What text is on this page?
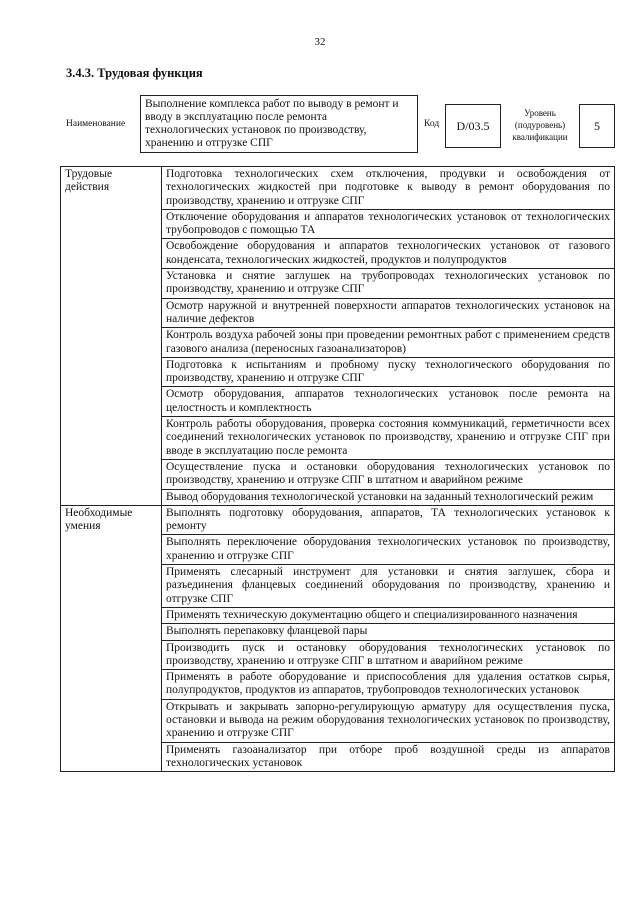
32
3.4.3. Трудовая функция
Наименование
Выполнение комплекса работ по выводу в ремонт и вводу в эксплуатацию после ремонта технологических установок по производству, хранению и отгрузке СПГ
Код	D/03.5
Уровень (подуровень) квалификации
5
Трудовые действия	Подготовка технологических схем отключения, продувки и освобождения от технологических жидкостей при подготовке к выводу в ремонт оборудования по производству, хранению и отгрузке СПГ
	Отключение оборудования и аппаратов технологических установок от технологических трубопроводов с помощью ТА
	Освобождение оборудования и аппаратов технологических установок от газового конденсата, технологических жидкостей, продуктов и полупродуктов
	Установка и снятие заглушек на трубопроводах технологических установок по производству, хранению и отгрузке СПГ
	Осмотр наружной и внутренней поверхности аппаратов технологических установок на наличие дефектов
	Контроль воздуха рабочей зоны при проведении ремонтных работ с применением средств газового анализа (переносных газоанализаторов)
	Подготовка к испытаниям и пробному пуску технологического оборудования по производству, хранению и отгрузке СПГ
	Осмотр оборудования, аппаратов технологических установок после ремонта на целостность и комплектность
	Контроль работы оборудования, проверка состояния коммуникаций, герметичности всех соединений технологических установок по производству, хранению и отгрузке СПГ при вводе в эксплуатацию после ремонта
	Осуществление пуска и остановки оборудования технологических установок по производству, хранению и отгрузке СПГ в штатном и аварийном режиме
	Вывод оборудования технологической установки на заданный технологический режим
Необходимые умения	Выполнять подготовку оборудования, аппаратов, ТА технологических установок к ремонту
	Выполнять переключение оборудования технологических установок по производству, хранению и отгрузке СПГ
	Применять слесарный инструмент для установки и снятия заглушек, сбора и разъединения фланцевых соединений оборудования по производству, хранению и отгрузке СПГ
	Применять техническую документацию общего и специализированного назначения
	Выполнять перепаковку фланцевой пары
	Производить пуск и остановку оборудования технологических установок по производству, хранению и отгрузке СПГ в штатном и аварийном режиме
	Применять в работе оборудование и приспособления для удаления остатков сырья, полупродуктов, продуктов из аппаратов, трубопроводов технологических установок
	Открывать и закрывать запорно-регулирующую арматуру для осуществления пуска, остановки и вывода на режим оборудования технологических установок по производству, хранению и отгрузке СПГ
	Применять газоанализатор при отборе проб воздушной среды из аппаратов технологических установок
